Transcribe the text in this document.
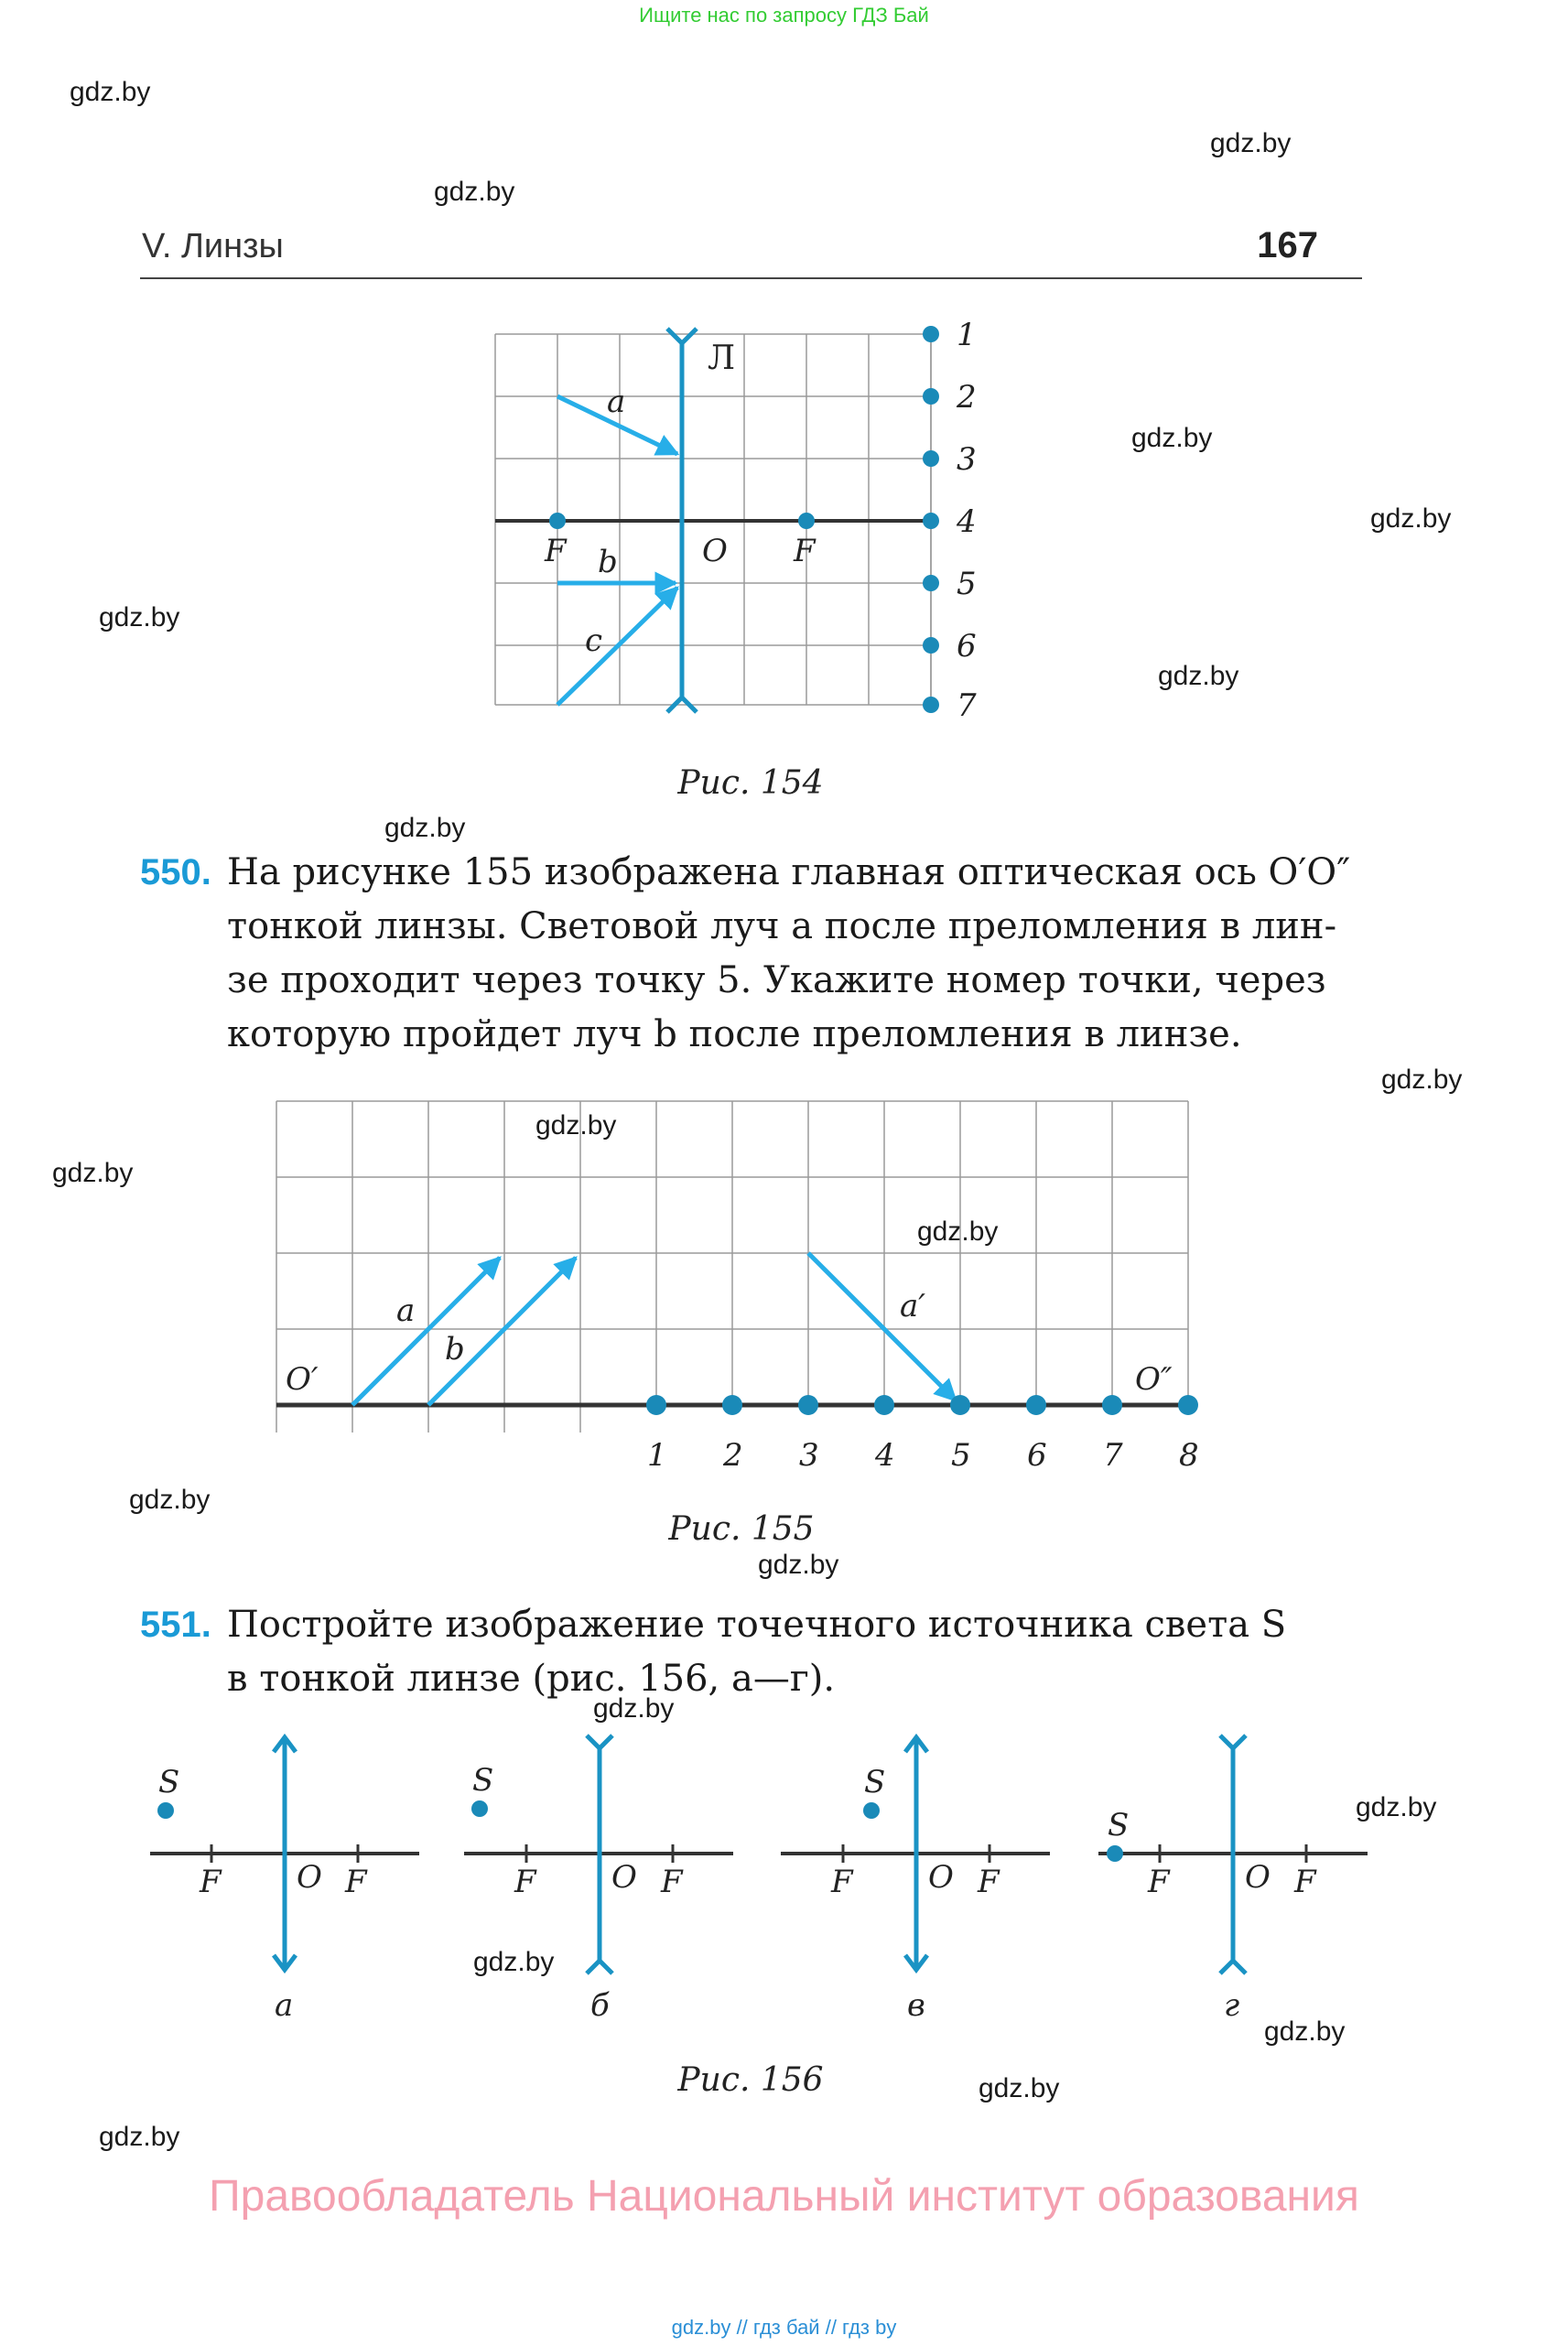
Ищите нас по запросу ГДЗ Бай
gdz.by
gdz.by
gdz.by
gdz.by
gdz.by
gdz.by
gdz.by
gdz.by
gdz.by
gdz.by
gdz.by
gdz.by
gdz.by
gdz.by
gdz.by
gdz.by
gdz.by
gdz.by
gdz.by
gdz.by
V. Линзы	167
Л
a
b
c
F	F
O
1
2
3
4
5
6
7
Рис. 154
550. На рисунке 155 изображена главная оптическая ось O′O″
тонкой линзы. Световой луч a после преломления в лин-
зе проходит через точку 5. Укажите номер точки, через
которую пройдет луч b после преломления в линзе.
O′	O″
a
b
a′
1 2 3 4 5 6 7 8
Рис. 155
551. Постройте изображение точечного источника света S
в тонкой линзе (рис. 156, а—г).
S
F	F
O
а
S
F	F
O
б
S
F	F
O
в
S
F	F
O
г
Рис. 156
Правообладатель Национальный институт образования
gdz.by // гдз бай // гдз by
